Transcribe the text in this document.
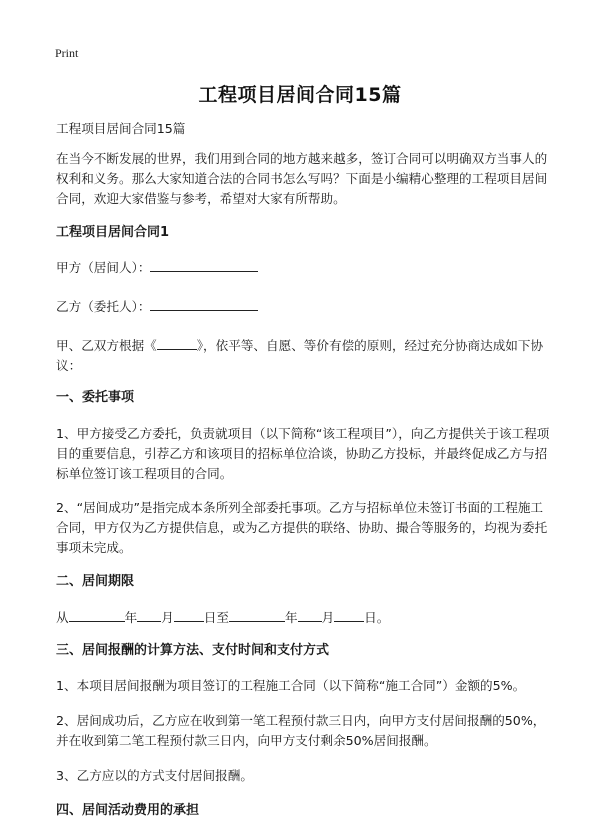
Print
工程项目居间合同15篇

工程项目居间合同15篇

在当今不断发展的世界，我们用到合同的地方越来越多，签订合同可以明确双方当事人的权利和义务。那么大家知道合法的合同书怎么写吗？下面是小编精心整理的工程项目居间合同，欢迎大家借鉴与参考，希望对大家有所帮助。

工程项目居间合同1

甲方（居间人）：

乙方（委托人）：

甲、乙双方根据《	》，依平等、自愿、等价有偿的原则，经过充分协商达成如下协议：

一、委托事项

1、甲方接受乙方委托，负责就项目（以下简称“该工程项目”），向乙方提供关于该工程项目的重要信息，引荐乙方和该项目的招标单位洽谈，协助乙方投标，并最终促成乙方与招标单位签订该工程项目的合同。

2、“居间成功”是指完成本条所列全部委托事项。乙方与招标单位未签订书面的工程施工合同，甲方仅为乙方提供信息，或为乙方提供的联络、协助、撮合等服务的，均视为委托事项未完成。

二、居间期限

从	年 月 日至	年 月 日。

三、居间报酬的计算方法、支付时间和支付方式

1、本项目居间报酬为项目签订的工程施工合同（以下简称“施工合同”）金额的5%。

2、居间成功后，乙方应在收到第一笔工程预付款三日内，向甲方支付居间报酬的50%，并在收到第二笔工程预付款三日内，向甲方支付剩余50%居间报酬。

3、乙方应以的方式支付居间报酬。

四、居间活动费用的承担
